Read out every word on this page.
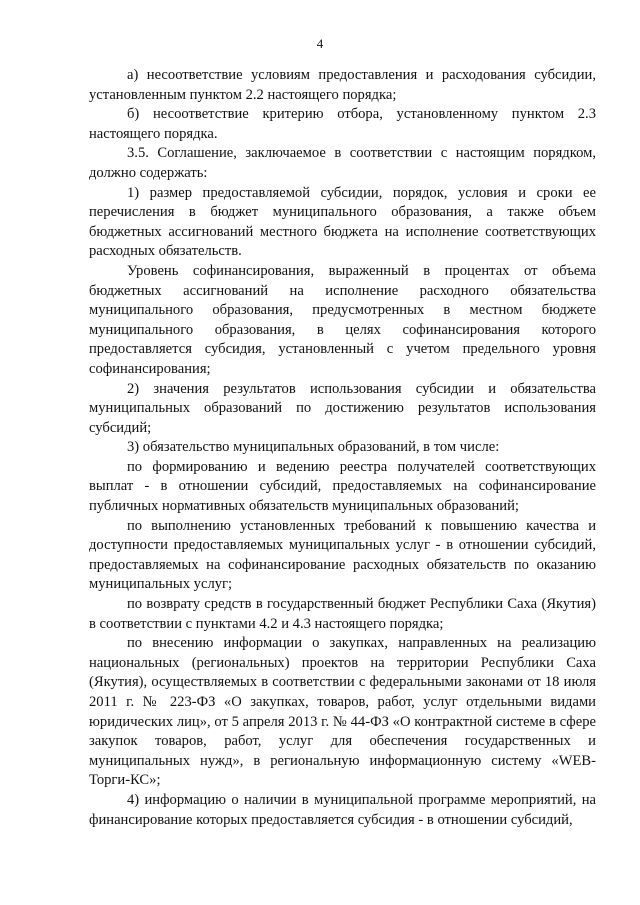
4

а) несоответствие условиям предоставления и расходования субсидии, установленным пунктом 2.2 настоящего порядка;

б) несоответствие критерию отбора, установленному пунктом 2.3 настоящего порядка.

3.5. Соглашение, заключаемое в соответствии с настоящим порядком, должно содержать:

1) размер предоставляемой субсидии, порядок, условия и сроки ее перечисления в бюджет муниципального образования, а также объем бюджетных ассигнований местного бюджета на исполнение соответствующих расходных обязательств.

Уровень софинансирования, выраженный в процентах от объема бюджетных ассигнований на исполнение расходного обязательства муниципального образования, предусмотренных в местном бюджете муниципального образования, в целях софинансирования которого предоставляется субсидия, установленный с учетом предельного уровня софинансирования;

2) значения результатов использования субсидии и обязательства муниципальных образований по достижению результатов использования субсидий;

3) обязательство муниципальных образований, в том числе:

по формированию и ведению реестра получателей соответствующих выплат - в отношении субсидий, предоставляемых на софинансирование публичных нормативных обязательств муниципальных образований;

по выполнению установленных требований к повышению качества и доступности предоставляемых муниципальных услуг - в отношении субсидий, предоставляемых на софинансирование расходных обязательств по оказанию муниципальных услуг;

по возврату средств в государственный бюджет Республики Саха (Якутия) в соответствии с пунктами 4.2 и 4.3 настоящего порядка;

по внесению информации о закупках, направленных на реализацию национальных (региональных) проектов на территории Республики Саха (Якутия), осуществляемых в соответствии с федеральными законами от 18 июля 2011 г. № 223-ФЗ «О закупках, товаров, работ, услуг отдельными видами юридических лиц», от 5 апреля 2013 г. № 44-ФЗ «О контрактной системе в сфере закупок товаров, работ, услуг для обеспечения государственных и муниципальных нужд», в региональную информационную систему «WEB-Торги-КС»;

4) информацию о наличии в муниципальной программе мероприятий, на финансирование которых предоставляется субсидия - в отношении субсидий,
